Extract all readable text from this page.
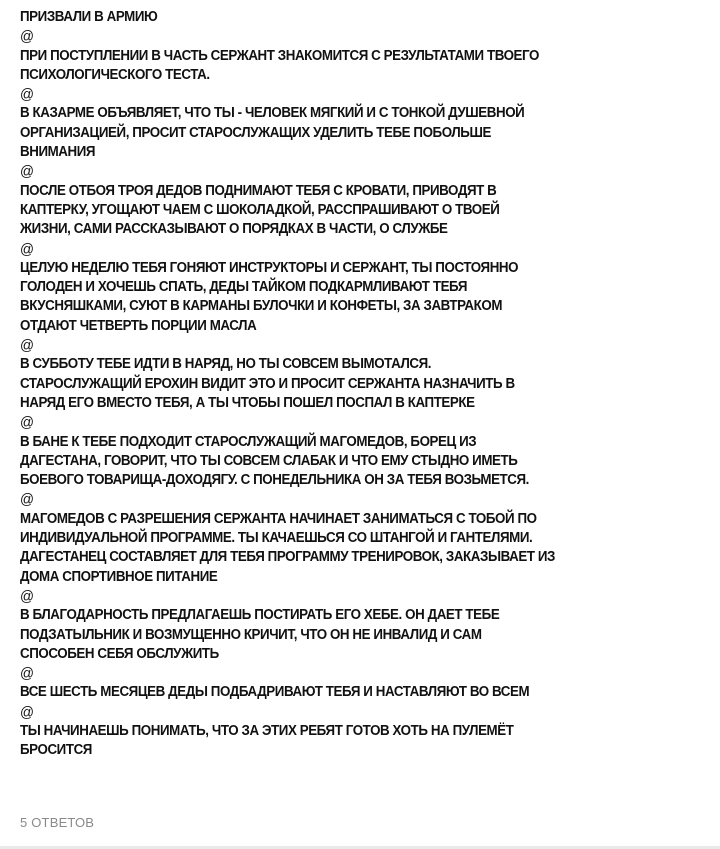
ПРИЗВАЛИ В АРМИЮ
@
ПРИ ПОСТУПЛЕНИИ В ЧАСТЬ СЕРЖАНТ ЗНАКОМИТСЯ С РЕЗУЛЬТАТАМИ ТВОЕГО
ПСИХОЛОГИЧЕСКОГО ТЕСТА.
@
В КАЗАРМЕ ОБЪЯВЛЯЕТ, ЧТО ТЫ - ЧЕЛОВЕК МЯГКИЙ И С ТОНКОЙ ДУШЕВНОЙ
ОРГАНИЗАЦИЕЙ, ПРОСИТ СТАРОСЛУЖАЩИХ УДЕЛИТЬ ТЕБЕ ПОБОЛЬШЕ
ВНИМАНИЯ
@
ПОСЛЕ ОТБОЯ ТРОЯ ДЕДОВ ПОДНИМАЮТ ТЕБЯ С КРОВАТИ, ПРИВОДЯТ В
КАПТЕРКУ, УГОЩАЮТ ЧАЕМ С ШОКОЛАДКОЙ, РАССПРАШИВАЮТ О ТВОЕЙ
ЖИЗНИ, САМИ РАССКАЗЫВАЮТ О ПОРЯДКАХ В ЧАСТИ, О СЛУЖБЕ
@
ЦЕЛУЮ НЕДЕЛЮ ТЕБЯ ГОНЯЮТ ИНСТРУКТОРЫ И СЕРЖАНТ, ТЫ ПОСТОЯННО
ГОЛОДЕН И ХОЧЕШЬ СПАТЬ, ДЕДЫ ТАЙКОМ ПОДКАРМЛИВАЮТ ТЕБЯ
ВКУСНЯШКАМИ, СУЮТ В КАРМАНЫ БУЛОЧКИ И КОНФЕТЫ, ЗА ЗАВТРАКОМ
ОТДАЮТ ЧЕТВЕРТЬ ПОРЦИИ МАСЛА
@
В СУББОТУ ТЕБЕ ИДТИ В НАРЯД, НО ТЫ СОВСЕМ ВЫМОТАЛСЯ.
СТАРОСЛУЖАЩИЙ ЕРОХИН ВИДИТ ЭТО И ПРОСИТ СЕРЖАНТА НАЗНАЧИТЬ В
НАРЯД ЕГО ВМЕСТО ТЕБЯ, А ТЫ ЧТОБЫ ПОШЕЛ ПОСПАЛ В КАПТЕРКЕ
@
В БАНЕ К ТЕБЕ ПОДХОДИТ СТАРОСЛУЖАЩИЙ МАГОМЕДОВ, БОРЕЦ ИЗ
ДАГЕСТАНА, ГОВОРИТ, ЧТО ТЫ СОВСЕМ СЛАБАК И ЧТО ЕМУ СТЫДНО ИМЕТЬ
БОЕВОГО ТОВАРИЩА-ДОХОДЯГУ. С ПОНЕДЕЛЬНИКА ОН ЗА ТЕБЯ ВОЗЬМЕТСЯ.
@
МАГОМЕДОВ С РАЗРЕШЕНИЯ СЕРЖАНТА НАЧИНАЕТ ЗАНИМАТЬСЯ С ТОБОЙ ПО
ИНДИВИДУАЛЬНОЙ ПРОГРАММЕ. ТЫ КАЧАЕШЬСЯ СО ШТАНГОЙ И ГАНТЕЛЯМИ.
ДАГЕСТАНЕЦ СОСТАВЛЯЕТ ДЛЯ ТЕБЯ ПРОГРАММУ ТРЕНИРОВОК, ЗАКАЗЫВАЕТ ИЗ
ДОМА СПОРТИВНОЕ ПИТАНИЕ
@
В БЛАГОДАРНОСТЬ ПРЕДЛАГАЕШЬ ПОСТИРАТЬ ЕГО ХЕБЕ. ОН ДАЕТ ТЕБЕ
ПОДЗАТЫЛЬНИК И ВОЗМУЩЕННО КРИЧИТ, ЧТО ОН НЕ ИНВАЛИД И САМ
СПОСОБЕН СЕБЯ ОБСЛУЖИТЬ
@
ВСЕ ШЕСТЬ МЕСЯЦЕВ ДЕДЫ ПОДБАДРИВАЮТ ТЕБЯ И НАСТАВЛЯЮТ ВО ВСЕМ
@
ТЫ НАЧИНАЕШЬ ПОНИМАТЬ, ЧТО ЗА ЭТИХ РЕБЯТ ГОТОВ ХОТЬ НА ПУЛЕМЁТ
БРОСИТСЯ
5 ОТВЕТОВ
